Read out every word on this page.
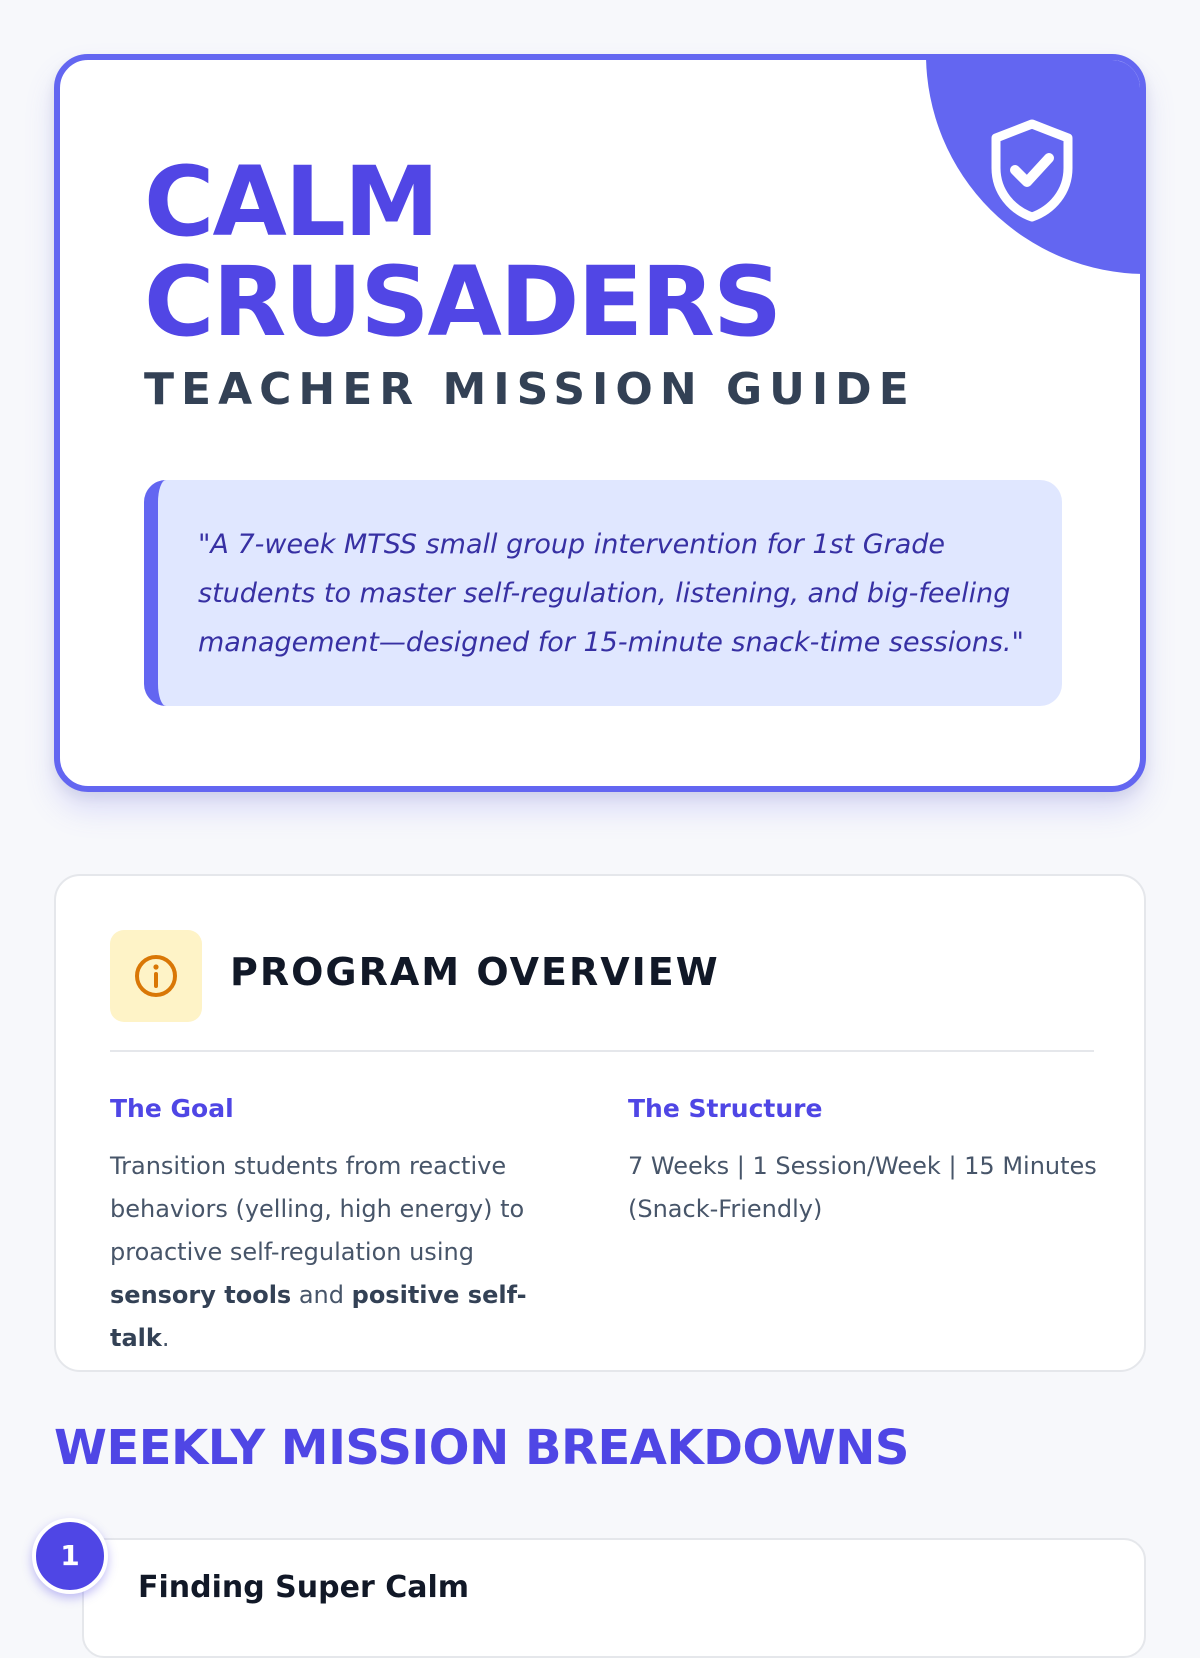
CALM
CRUSADERS
TEACHER MISSION GUIDE
"A 7-week MTSS small group intervention for 1st Grade students to master self-regulation, listening, and big-feeling management—designed for 15-minute snack-time sessions."
PROGRAM OVERVIEW
The Goal

Transition students from reactive behaviors (yelling, high energy) to proactive self-regulation using sensory tools and positive self-talk.

The Structure

7 Weeks | 1 Session/Week | 15 Minutes (Snack-Friendly)

WEEKLY MISSION BREAKDOWNS
Finding Super Calm
1
